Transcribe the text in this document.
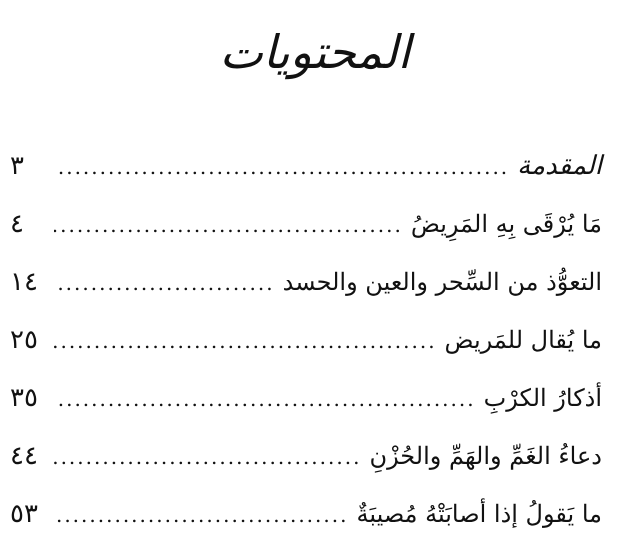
المحتويات
المقدمة
.....
٣
مَا يُرْقَى بِهِ المَرِيضُ
.....
٤
التعوُّذ من السِّحر والعين والحسد
.....
١٤
ما يُقال للمَريض
.....
٢٥
أذكارُ الكرْبِ
.....
٣٥
دعاءُ الغَمِّ والهَمِّ والحُزْنِ
.....
٤٤
ما يَقولُ إذا أصابَتْهُ مُصيبَةٌ
.....
٥٣
